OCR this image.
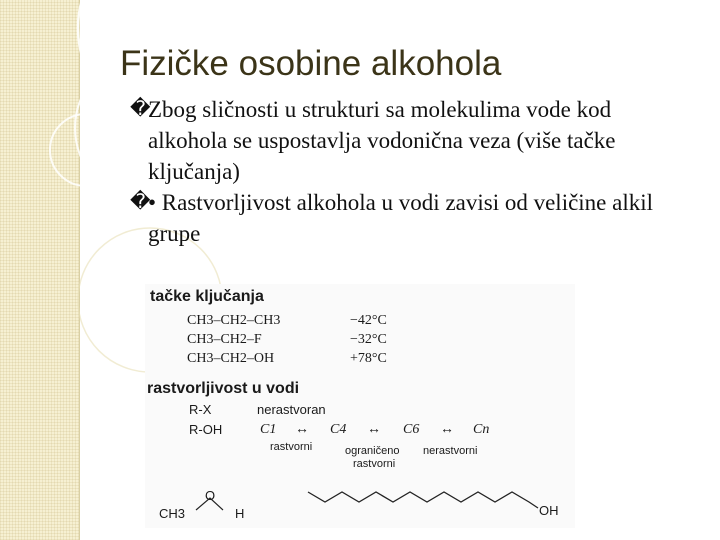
Fizičke osobine alkohola
�
Zbog sličnosti u strukturi sa molekulima vode kod alkohola se uspostavlja vodonična veza (više tačke ključanja)
�
• Rastvorljivost alkohola u vodi zavisi od veličine alkil grupe
tačke ključanja
CH3–CH2–CH3	−42°C
CH3–CH2–F	−32°C
CH3–CH2–OH	+78°C
rastvorljivost u vodi
R-X	nerastvoran
R-OH	C1 ↔ C4 ↔ C6 ↔ Cn
rastvorni	ograničeno
rastvorni
nerastvorni
CH3
O
H	OH
